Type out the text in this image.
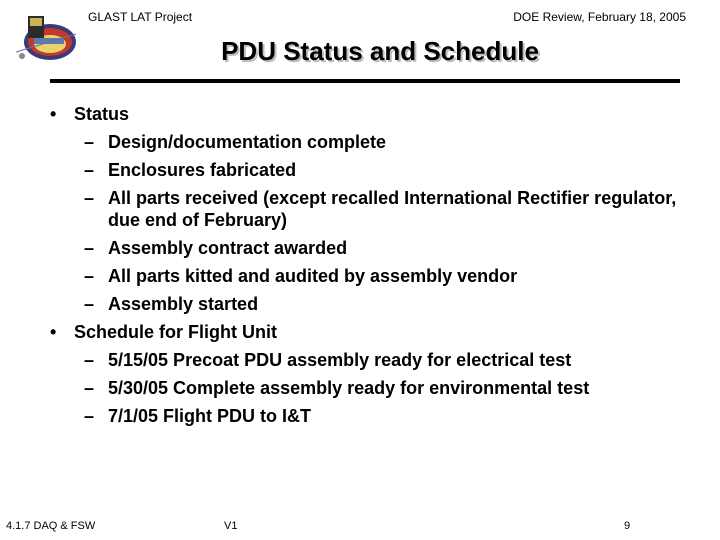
GLAST LAT Project	DOE Review, February 18, 2005
PDU Status and Schedule
• Status
– Design/documentation complete
– Enclosures fabricated
– All parts received (except recalled International Rectifier regulator, due end of February)
– Assembly contract awarded
– All parts kitted and audited by assembly vendor
– Assembly started
• Schedule for Flight Unit
– 5/15/05 Precoat PDU assembly ready for electrical test
– 5/30/05 Complete assembly ready for environmental test
– 7/1/05 Flight PDU to I&T
4.1.7 DAQ & FSW	V1	9
